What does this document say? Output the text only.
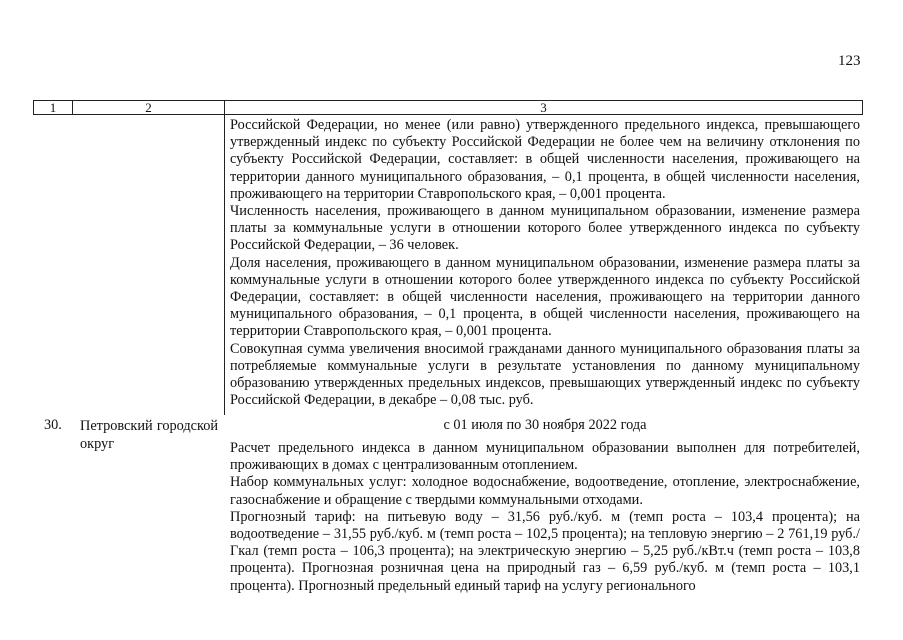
123
1	2	3

Российской Федерации, но менее (или равно) утвержденного предельного индекса, превышающего утвержденный индекс по субъекту Российской Федерации не более чем на величину отклонения по субъекту Российской Федерации, составляет: в общей численности населения, проживающего на территории данного муниципального образования, – 0,1 процента, в общей численности населения, проживающего на территории Ставропольского края, – 0,001 процента.

Численность населения, проживающего в данном муниципальном образовании, изменение размера платы за коммунальные услуги в отношении которого более утвержденного индекса по субъекту Российской Федерации, – 36 человек.

Доля населения, проживающего в данном муниципальном образовании, изменение размера платы за коммунальные услуги в отношении которого более утвержденного индекса по субъекту Российской Федерации, составляет: в общей численности населения, проживающего на территории данного муниципального образования, – 0,1 процента, в общей численности населения, проживающего на территории Ставропольского края, – 0,001 процента.

Совокупная сумма увеличения вносимой гражданами данного муниципального образования платы за потребляемые коммунальные услуги в результате установления по данному муниципальному образованию утвержденных предельных индексов, превышающих утвержденный индекс по субъекту Российской Федерации, в декабре – 0,08 тыс. руб.

30. Петровский городской округ
с 01 июля по 30 ноября 2022 года

Расчет предельного индекса в данном муниципальном образовании выполнен для потребителей, проживающих в домах с централизованным отоплением.

Набор коммунальных услуг: холодное водоснабжение, водоотведение, отопление, электроснабжение, газоснабжение и обращение с твердыми коммунальными отходами.

Прогнозный тариф: на питьевую воду – 31,56 руб./куб. м (темп роста – 103,4 процента); на водоотведение – 31,55 руб./куб. м (темп роста – 102,5 процента); на тепловую энергию – 2 761,19 руб./Гкал (темп роста – 106,3 процента); на электрическую энергию – 5,25 руб./кВт.ч (темп роста – 103,8 процента). Прогнозная розничная цена на природный газ – 6,59 руб./куб. м (темп роста – 103,1 процента). Прогнозный предельный единый тариф на услугу регионального
